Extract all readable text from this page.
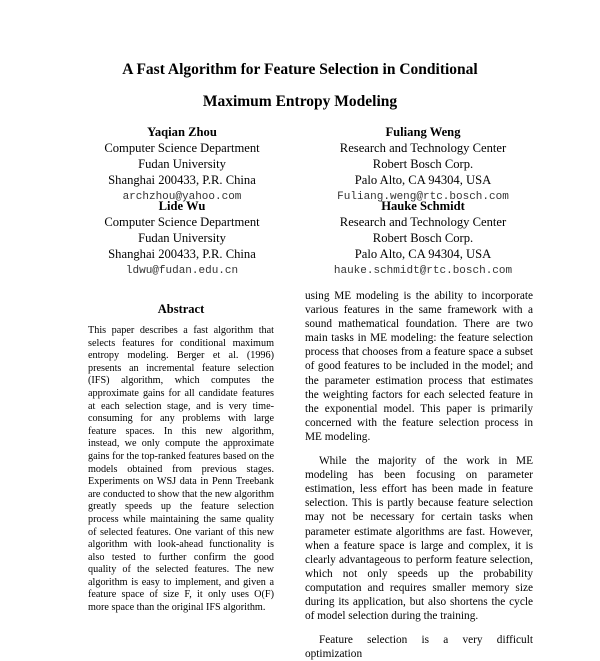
A Fast Algorithm for Feature Selection in Conditional
Maximum Entropy Modeling
Yaqian Zhou
Computer Science Department
Fudan University
Shanghai 200433, P.R. China
archzhou@yahoo.com
Fuliang Weng
Research and Technology Center
Robert Bosch Corp.
Palo Alto, CA 94304, USA
Fuliang.weng@rtc.bosch.com
Lide Wu
Computer Science Department
Fudan University
Shanghai 200433, P.R. China
ldwu@fudan.edu.cn
Hauke Schmidt
Research and Technology Center
Robert Bosch Corp.
Palo Alto, CA 94304, USA
hauke.schmidt@rtc.bosch.com
Abstract

This paper describes a fast algorithm that selects features for conditional maximum entropy modeling. Berger et al. (1996) presents an incremental feature selection (IFS) algorithm, which computes the approximate gains for all candidate features at each selection stage, and is very time-consuming for any problems with large feature spaces. In this new algorithm, instead, we only compute the approximate gains for the top-ranked features based on the models obtained from previous stages. Experiments on WSJ data in Penn Treebank are conducted to show that the new algorithm greatly speeds up the feature selection process while maintaining the same quality of selected features. One variant of this new algorithm with look-ahead functionality is also tested to further confirm the good quality of the selected features. The new algorithm is easy to implement, and given a feature space of size F, it only uses O(F) more space than the original IFS algorithm.

using ME modeling is the ability to incorporate various features in the same framework with a sound mathematical foundation. There are two main tasks in ME modeling: the feature selection process that chooses from a feature space a subset of good features to be included in the model; and the parameter estimation process that estimates the weighting factors for each selected feature in the exponential model. This paper is primarily concerned with the feature selection process in ME modeling.

While the majority of the work in ME modeling has been focusing on parameter estimation, less effort has been made in feature selection. This is partly because feature selection may not be necessary for certain tasks when parameter estimate algorithms are fast. However, when a feature space is large and complex, it is clearly advantageous to perform feature selection, which not only speeds up the probability computation and requires smaller memory size during its application, but also shortens the cycle of model selection during the training.

Feature selection is a very difficult optimization
